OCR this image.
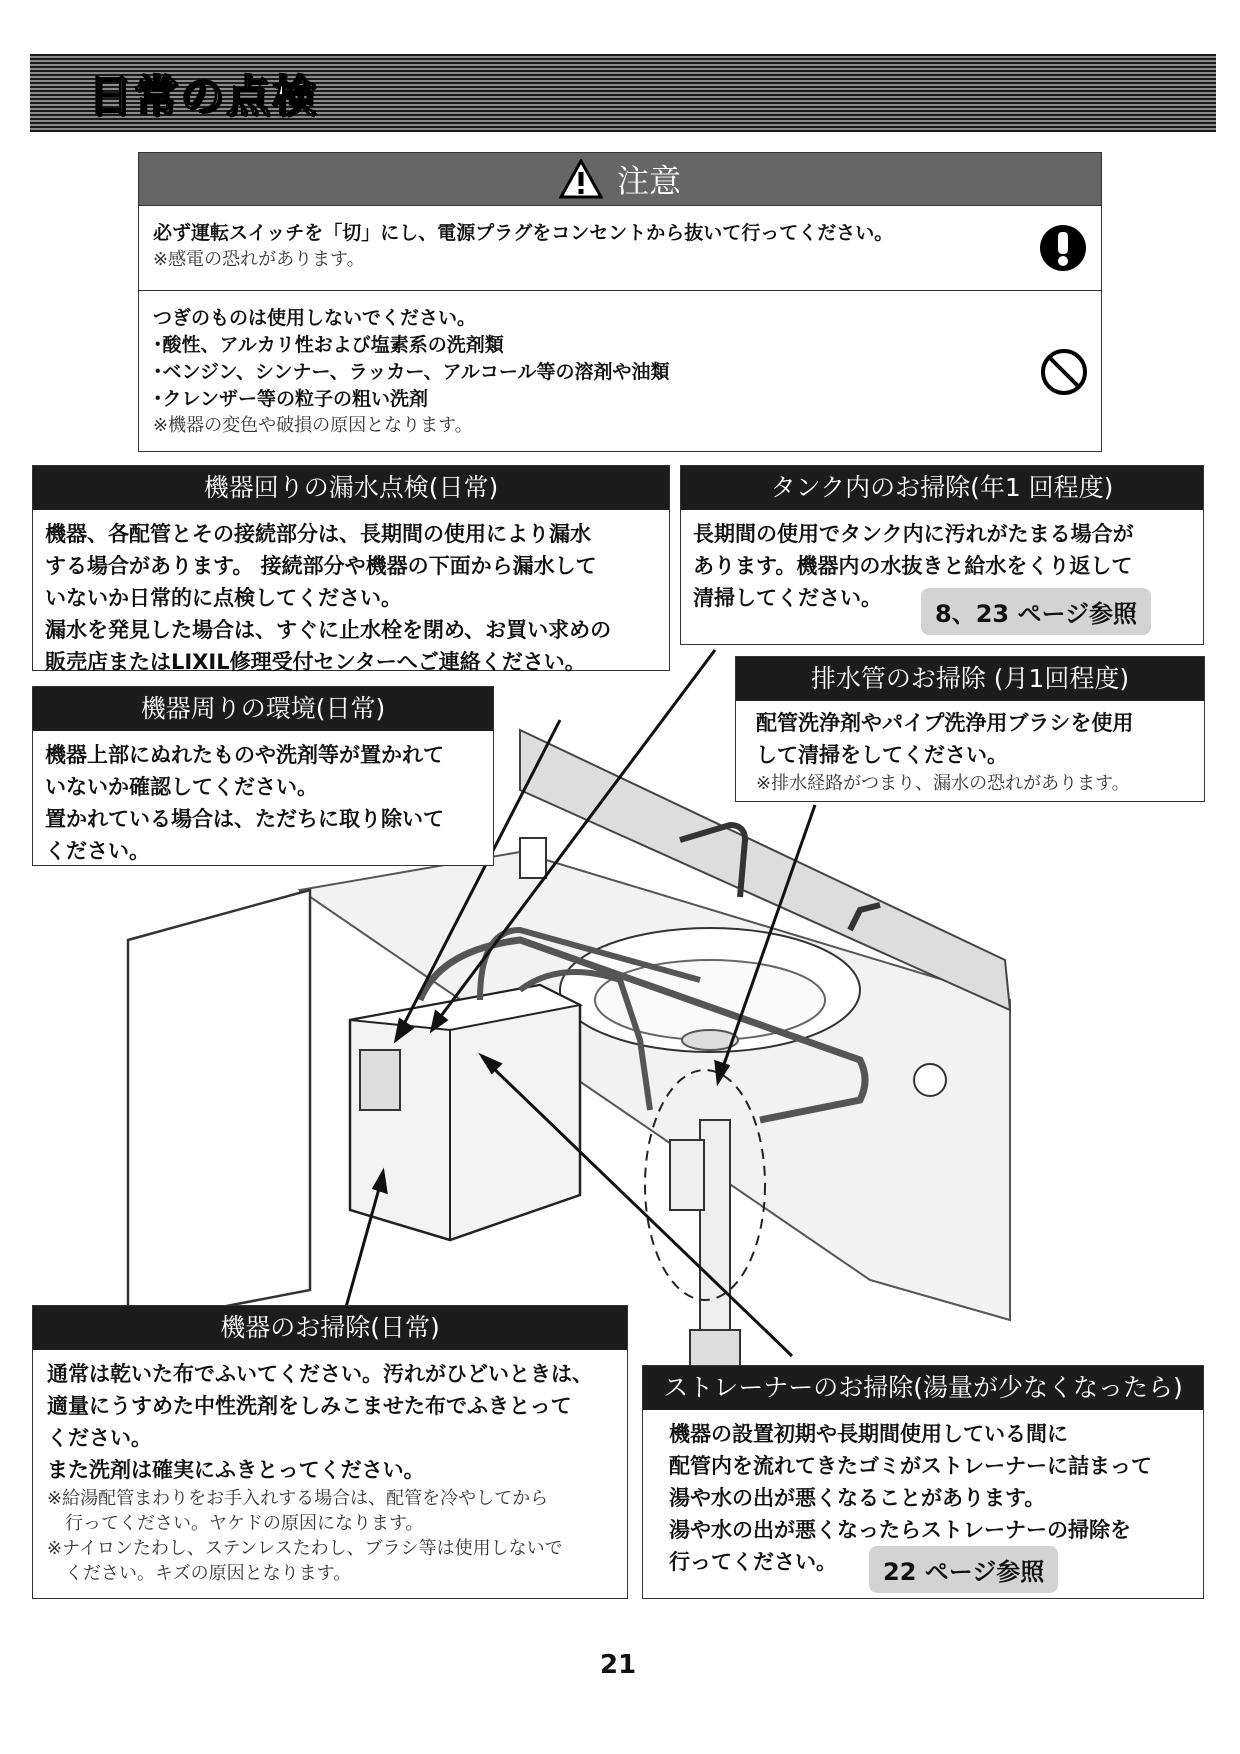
日常の点検
注意
必ず運転スイッチを「切」にし、電源プラグをコンセントから抜いて行ってください。
※感電の恐れがあります。
つぎのものは使用しないでください。
･酸性、アルカリ性および塩素系の洗剤類
･ベンジン、シンナー、ラッカー、アルコール等の溶剤や油類
･クレンザー等の粒子の粗い洗剤
※機器の変色や破損の原因となります。
機器回りの漏水点検(日常)
機器、各配管とその接続部分は、長期間の使用により漏水
する場合があります。 接続部分や機器の下面から漏水して
いないか日常的に点検してください。
漏水を発見した場合は、すぐに止水栓を閉め、お買い求めの
販売店またはLIXIL修理受付センターへご連絡ください。
タンク内のお掃除(年1 回程度)
長期間の使用でタンク内に汚れがたまる場合が
あります。機器内の水抜きと給水をくり返して
清掃してください。
8、23 ページ参照
機器周りの環境(日常)
機器上部にぬれたものや洗剤等が置かれて
いないか確認してください。
置かれている場合は、ただちに取り除いて
ください。
排水管のお掃除 (月1回程度)
配管洗浄剤やパイプ洗浄用ブラシを使用
して清掃をしてください。
※排水経路がつまり、漏水の恐れがあります。
機器のお掃除(日常)
通常は乾いた布でふいてください。汚れがひどいときは、
適量にうすめた中性洗剤をしみこませた布でふきとって
ください。
また洗剤は確実にふきとってください。
※給湯配管まわりをお手入れする場合は、配管を冷やしてから
　行ってください。ヤケドの原因になります。
※ナイロンたわし、ステンレスたわし、ブラシ等は使用しないで
　ください。キズの原因となります。
ストレーナーのお掃除(湯量が少なくなったら)
機器の設置初期や長期間使用している間に
配管内を流れてきたゴミがストレーナーに詰まって
湯や水の出が悪くなることがあります。
湯や水の出が悪くなったらストレーナーの掃除を
行ってください。	22 ページ参照
21
